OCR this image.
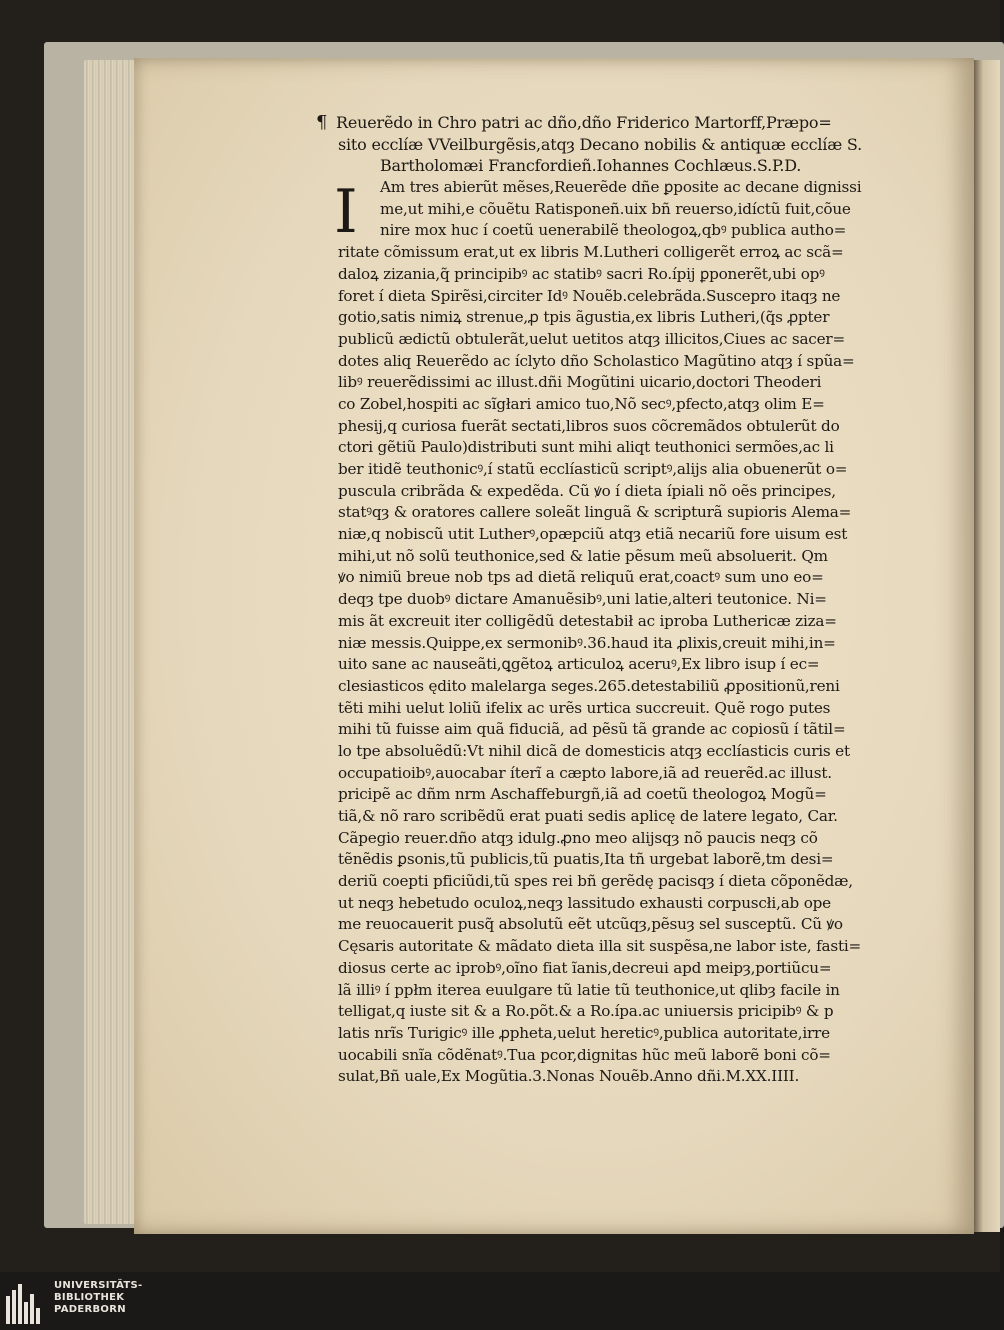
¶ Reuerẽdo in Chro patri ac dño,dño Friderico Martorff,Præpo=
sito ecclíæ VVeilburgẽsis,atqȝ Decano nobilis & antiquæ ecclíæ S.
Bartholomæi Francfordieñ.Iohannes Cochlæus.S.P.D.
I	Am tres abierũt mẽses,Reuerẽde dñe ꝑposite ac decane dignissi
me,ut mihi,e cõuẽtu Ratisponeñ.uix bñ reuerso,idíctũ fuit,cõue
nire mox huc í coetũ uenerabilẽ theologoꝝ,qbꝰ publica autho=
ritate cõmissum erat,ut ex libris M.Lutheri colligerẽt erroꝝ ac scã=
daloꝝ zizania,q̃ principibꝰ ac statibꝰ sacri Ro.ípij ꝑponerẽt,ubi opꝰ
foret í dieta Spirẽsi,circiter Idꝰ Nouẽb.celebrãda.Suscepro itaqȝ ne
gotio,satis nimiꝝ strenue,ꝓ tpis ãgustia,ex libris Lutheri,(q̃s ꝓpter
publicũ ædictũ obtulerãt,uelut uetitos atqȝ illicitos,Ciues ac sacer=
dotes aliq Reuerẽdo ac íclyto dño Scholastico Magũtino atqȝ í spũa=
libꝰ reuerẽdissimi ac illust.dñi Mogũtini uicario,doctori Theoderi
co Zobel,hospiti ac sĩgłari amico tuo,Nõ secꝰ,pfecto,atqȝ olim E=
phesij,q curiosa fuerãt sectati,libros suos cõcremãdos obtulerũt do
ctori gẽtiũ Paulo)distributi sunt mihi aliqt teuthonici sermões,ac li
ber itidẽ teuthonicꝰ,í statũ ecclíasticũ scriptꝰ,alijs alia obuenerũt o=
puscula cribrãda & expedẽda. Cũ ꝟo í dieta ípiali nõ oẽs principes,
statꝰqȝ & oratores callere soleãt linguã & scripturã supioris Alema=
niæ,q nobiscũ utit Lutherꝰ,opæpciũ atqȝ etiã necariũ fore uisum est
mihi,ut nõ solũ teuthonice,sed & latie pẽsum meũ absoluerit. Qm
ꝟo nimiũ breue nob tps ad dietã reliquũ erat,coactꝰ sum uno eo=
deqȝ tpe duobꝰ dictare Amanuẽsibꝰ,uni latie,alteri teutonice. Ni=
mis ãt excreuit iter colligẽdũ detestabił ac iproba Luthericæ ziza=
niæ messis.Quippe,ex sermonibꝰ.36.haud ita ꝓlixis,creuit mihi,in=
uito sane ac nauseãti,ꝗgẽtoꝝ articuloꝝ aceruꝰ,Ex libro isup í ec=
clesiasticos ędito malelarga seges.265.detestabiliũ ꝓpositionũ,reni
tẽti mihi uelut loliũ ifelix ac urẽs urtica succreuit. Quẽ rogo putes
mihi tũ fuisse aim quã fiduciã, ad pẽsũ tã grande ac copiosũ í tãtil=
lo tpe absoluẽdũ:Vt nihil dicã de domesticis atqȝ ecclíasticis curis et
occupatioibꝰ,auocabar íterĩ a cæpto labore,iã ad reuerẽd.ac illust.
pricipẽ ac dñm nrm Aschaffeburgñ,iã ad coetũ theologoꝝ Mogũ=
tiã,& nõ raro scribẽdũ erat puati sedis aplicę de latere legato, Car.
Cãpegio reuer.dño atqȝ idulg.ꝓno meo alijsqȝ nõ paucis neqȝ cõ
tẽnẽdis ꝑsonis,tũ publicis,tũ puatis,Ita tñ urgebat laborẽ,tm desi=
deriũ coepti pficiũdi,tũ spes rei bñ gerẽdę pacisqȝ í dieta cõponẽdæ,
ut neqȝ hebetudo oculoꝝ,neqȝ lassitudo exhausti corpuscłi,ab ope
me reuocauerit pusq̃ absolutũ eẽt utcũqȝ,pẽsuȝ sel susceptũ. Cũ ꝟo
Cęsaris autoritate & mãdato dieta illa sit suspẽsa,ne labor iste, fasti=
diosus certe ac iprobꝰ,oĩno fiat ĩanis,decreui apd meipȝ,portiũcu=
lã illiꝰ í ppłm iterea euulgare tũ latie tũ teuthonice,ut qlibȝ facile in
telligat,q iuste sit & a Ro.põt.& a Ro.ípa.ac uniuersis pricipibꝰ & p
latis nrĩs Turigicꝰ ille ꝓpheta,uelut hereticꝰ,publica autoritate,irre
uocabili snĩa cõdẽnatꝰ.Tua pcor,dignitas hũc meũ laborẽ boni cõ=
sulat,Bñ uale,Ex Mogũtia.3.Nonas Nouẽb.Anno dñi.M.XX.IIII.
UNIVERSITÄTS-
BIBLIOTHEK
PADERBORN
